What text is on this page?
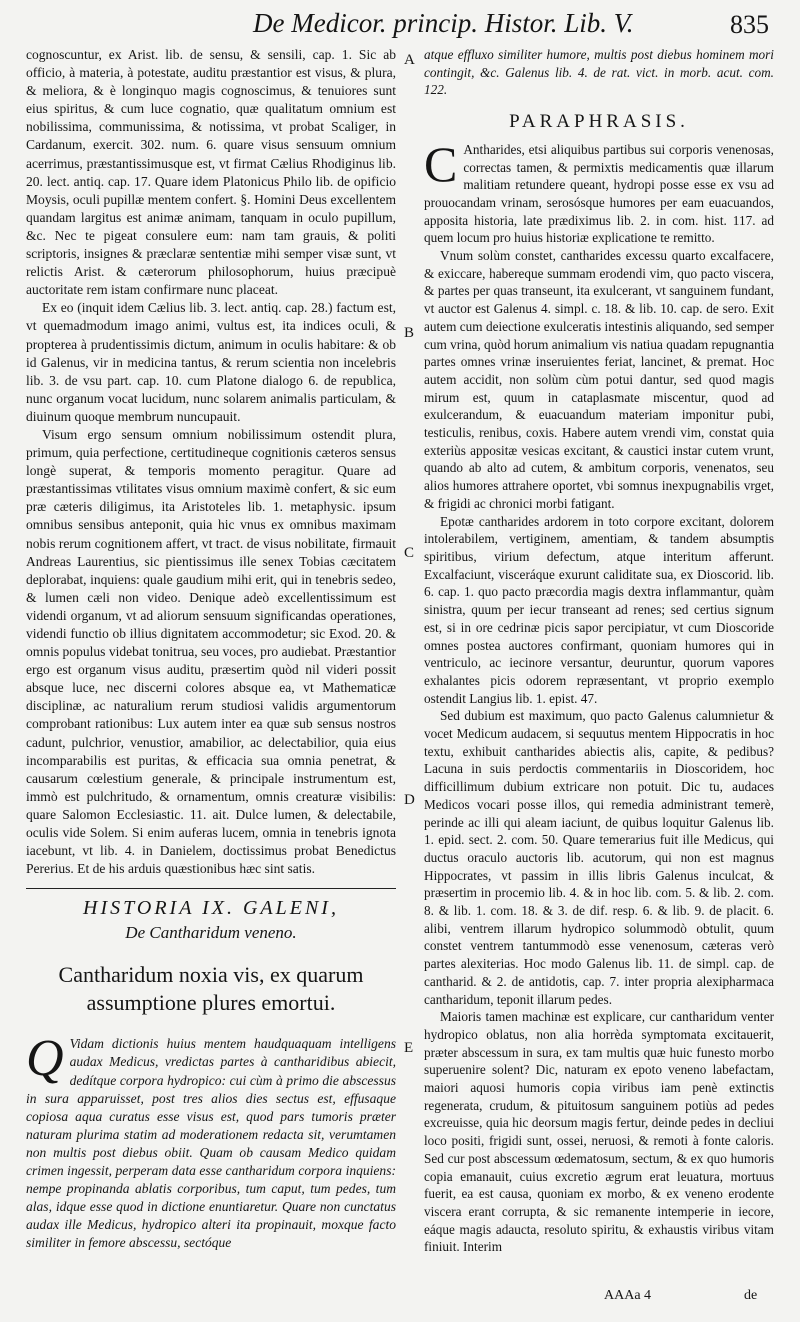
De Medicor. princip. Histor. Lib. V.	835

cognoscuntur, ex Arist. lib. de sensu, & sensili, cap. 1. Sic ab officio, à materia, à potestate, auditu præstantior est visus, & plura, & meliora, & è longinquo magis cognoscimus, & tenuiores sunt eius spiritus, & cum luce cognatio, quæ qualitatum omnium est nobilissima, communissima, & notissima, vt probat Scaliger, in Cardanum, exercit. 302. num. 6. quare visus sensuum omnium acerrimus, præstantissimusque est, vt firmat Cælius Rhodiginus lib. 20. lect. antiq. cap. 17. Quare idem Platonicus Philo lib. de opificio Moysis, oculi pupillæ mentem confert. §. Homini Deus excellentem quandam largitus est animæ animam, tanquam in oculo pupillum, &c. Nec te pigeat consulere eum: nam tam grauis, & politi scriptoris, insignes & præclaræ sententiæ mihi semper visæ sunt, vt relictis Arist. & cæterorum philosophorum, huius præcipuè auctoritate rem istam confirmare nunc placeat.

Ex eo (inquit idem Cælius lib. 3. lect. antiq. cap. 28.) factum est, vt quemadmodum imago animi, vultus est, ita indices oculi, & propterea à prudentissimis dictum, animum in oculis habitare: & ob id Galenus, vir in medicina tantus, & rerum scientia non incelebris lib. 3. de vsu part. cap. 10. cum Platone dialogo 6. de republica, nunc organum vocat lucidum, nunc solarem animalis particulam, & diuinum quoque membrum nuncupauit.

Visum ergo sensum omnium nobilissimum ostendit plura, primum, quia perfectione, certitudineque cognitionis cæteros sensus longè superat, & temporis momento peragitur. Quare ad præstantissimas vtilitates visus omnium maximè confert, & sic eum præ cæteris diligimus, ita Aristoteles lib. 1. metaphysic. ipsum omnibus sensibus anteponit, quia hic vnus ex omnibus maximam nobis rerum cognitionem affert, vt tract. de visus nobilitate, firmauit Andreas Laurentius, sic pientissimus ille senex Tobias cæcitatem deplorabat, inquiens: quale gaudium mihi erit, qui in tenebris sedeo, & lumen cæli non video. Denique adeò excellentissimum est videndi organum, vt ad aliorum sensuum significandas operationes, videndi functio ob illius dignitatem accommodetur; sic Exod. 20. & omnis populus videbat tonitrua, seu voces, pro audiebat. Præstantior ergo est organum visus auditu, præsertim quòd nil videri possit absque luce, nec discerni colores absque ea, vt Mathematicæ disciplinæ, ac naturalium rerum studiosi validis argumentorum comprobant rationibus: Lux autem inter ea quæ sub sensus nostros cadunt, pulchrior, venustior, amabilior, ac delectabilior, quia eius incomparabilis est puritas, & efficacia sua omnia penetrat, & causarum cœlestium generale, & principale instrumentum est, immò est pulchritudo, & ornamentum, omnis creaturæ visibilis: quare Salomon Ecclesiastic. 11. ait. Dulce lumen, & delectabile, oculis vide Solem. Si enim auferas lucem, omnia in tenebris ignota iacebunt, vt lib. 4. in Danielem, doctissimus probat Benedictus Pererius. Et de his arduis quæstionibus hæc sint satis.

HISTORIA IX. GALENI,
De Cantharidum veneno.
Cantharidum noxia vis, ex quarum assumptione plures emortui.
Q Vidam dictionis huius mentem haudquaquam intelligens audax Medicus, vredictas partes à cantharidibus abiecit, dedítque corpora hydropico: cui cùm à primo die abscessus in sura apparuisset, post tres alios dies sectus est, effusaque copiosa aqua curatus esse visus est, quod pars tumoris præter naturam plurima statim ad moderationem redacta sit, verumtamen non multis post diebus obiit. Quam ob causam Medico quidam crimen ingessit, perperam data esse cantharidum corpora inquiens: nempe propinanda ablatis corporibus, tum caput, tum pedes, tum alas, idque esse quod in dictione enuntiaretur. Quare non cunctatus audax ille Medicus, hydropico alteri ita propinauit, moxque facto similiter in femore abscessu, sectóque

atque effluxo similiter humore, multis post diebus hominem mori contingit, &c. Galenus lib. 4. de rat. vict. in morb. acut. com. 122.

PARAPHRASIS.

C Antharides, etsi aliquibus partibus sui corporis venenosas, correctas tamen, & permixtis medicamentis quæ illarum malitiam retundere queant, hydropi posse esse ex vsu ad prouocandam vrinam, serosósque humores per eam euacuandos, apposita historia, late prædiximus lib. 2. in com. hist. 117. ad quem locum pro huius historiæ explicatione te remitto.

Vnum solùm constet, cantharides excessu quarto excalfacere, & exiccare, habereque summam erodendi vim, quo pacto viscera, & partes per quas transeunt, ita exulcerant, vt sanguinem fundant, vt auctor est Galenus 4. simpl. c. 18. & lib. 10. cap. de sero. Exit autem cum deiectione exulceratis intestinis aliquando, sed semper cum vrina, quòd horum animalium vis natiua quadam repugnantia partes omnes vrinæ inseruientes feriat, lancinet, & premat. Hoc autem accidit, non solùm cùm potui dantur, sed quod magis mirum est, quum in cataplasmate miscentur, quod ad exulcerandum, & euacuandum materiam imponitur pubi, testiculis, renibus, coxis. Habere autem vrendi vim, constat quia exteriùs appositæ vesicas excitant, & caustici instar cutem vrunt, quando ab alto ad cutem, & ambitum corporis, venenatos, seu alios humores attrahere oportet, vbi somnus inexpugnabilis vrget, & frigidi ac chronici morbi fatigant.

Epotæ cantharides ardorem in toto corpore excitant, dolorem intolerabilem, vertiginem, amentiam, & tandem absumptis spiritibus, virium defectum, atque interitum afferunt. Excalfaciunt, visceráque exurunt caliditate sua, ex Dioscorid. lib. 6. cap. 1. quo pacto præcordia magis dextra inflammantur, quàm sinistra, quum per iecur transeant ad renes; sed certius signum est, si in ore cedrinæ picis sapor percipiatur, vt cum Dioscoride omnes postea auctores confirmant, quoniam humores qui in ventriculo, ac iecinore versantur, deuruntur, quorum vapores exhalantes picis odorem repræsentant, vt proprio exemplo ostendit Langius lib. 1. epist. 47.

Sed dubium est maximum, quo pacto Galenus calumnietur & vocet Medicum audacem, si sequutus mentem Hippocratis in hoc textu, exhibuit cantharides abiectis alis, capite, & pedibus? Lacuna in suis perdoctis commentariis in Dioscoridem, hoc difficillimum dubium extricare non potuit. Dic tu, audaces Medicos vocari posse illos, qui remedia administrant temerè, perinde ac illi qui aleam iaciunt, de quibus loquitur Galenus lib. 1. epid. sect. 2. com. 50. Quare temerarius fuit ille Medicus, qui ductus oraculo auctoris lib. acutorum, qui non est magnus Hippocrates, vt passim in illis libris Galenus inculcat, & præsertim in procemio lib. 4. & in hoc lib. com. 5. & lib. 2. com. 8. & lib. 1. com. 18. & 3. de dif. resp. 6. & lib. 9. de placit. 6. alibi, ventrem illarum hydropico solummodò obtulit, quum constet ventrem tantummodò esse venenosum, cæteras verò partes alexiterias. Hoc modo Galenus lib. 11. de simpl. cap. de cantharid. & 2. de antidotis, cap. 7. inter propria alexipharmaca cantharidum, teponit illarum pedes.

Maioris tamen machinæ est explicare, cur cantharidum venter hydropico oblatus, non alia horrèda symptomata excitauerit, præter abscessum in sura, ex tam multis quæ huic funesto morbo superuenire solent? Dic, naturam ex epoto veneno labefactam, maiori aquosi humoris copia viribus iam penè extinctis regenerata, crudum, & pituitosum sanguinem potiùs ad pedes excreuisse, quia hic deorsum magis fertur, deinde pedes in decliui loco positi, frigidi sunt, ossei, neruosi, & remoti à fonte caloris. Sed cur post abscessum œdematosum, sectum, & ex quo humoris copia emanauit, cuius excretio ægrum erat leuatura, mortuus fuerit, ea est causa, quoniam ex morbo, & ex veneno erodente viscera erant corrupta, & sic remanente intemperie in iecore, eáque magis adaucta, resoluto spiritu, & exhaustis viribus vitam finiuit. Interim

A
B
C
D
E
AAAa 4	de
